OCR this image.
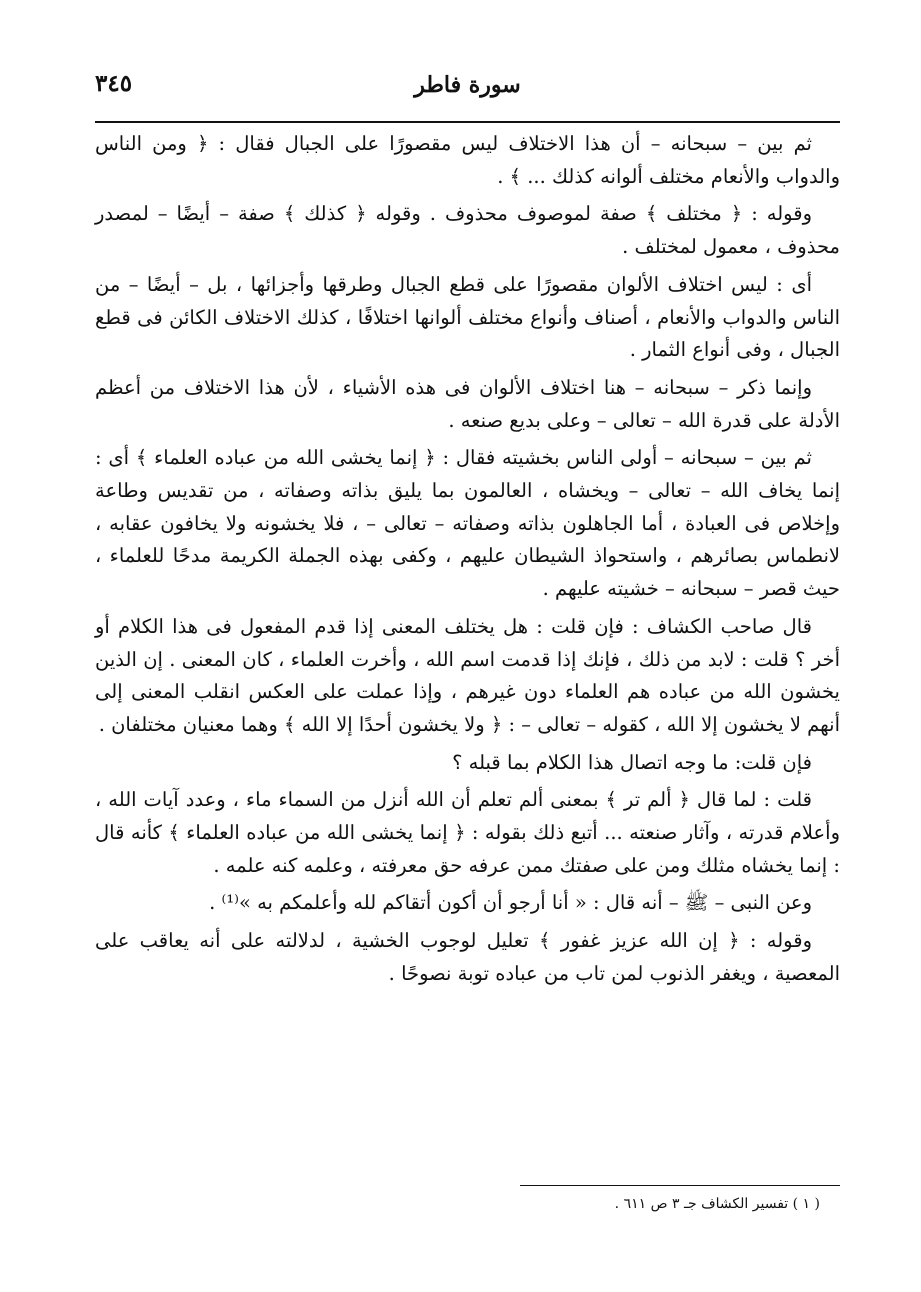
سورة فاطر
٣٤٥

ثم بين – سبحانه – أن هذا الاختلاف ليس مقصورًا على الجبال فقال : ﴿ ومن الناس والدواب والأنعام مختلف ألوانه كذلك ... ﴾ .

وقوله : ﴿ مختلف ﴾ صفة لموصوف محذوف . وقوله ﴿ كذلك ﴾ صفة – أيضًا – لمصدر محذوف ، معمول لمختلف .

أى : ليس اختلاف الألوان مقصورًا على قطع الجبال وطرقها وأجزائها ، بل – أيضًا – من الناس والدواب والأنعام ، أصناف وأنواع مختلف ألوانها اختلافًا ، كذلك الاختلاف الكائن فى قطع الجبال ، وفى أنواع الثمار .

وإنما ذكر – سبحانه – هنا اختلاف الألوان فى هذه الأشياء ، لأن هذا الاختلاف من أعظم الأدلة على قدرة الله – تعالى – وعلى بديع صنعه .

ثم بين – سبحانه – أولى الناس بخشيته فقال : ﴿ إنما يخشى الله من عباده العلماء ﴾ أى : إنما يخاف الله – تعالى – ويخشاه ، العالمون بما يليق بذاته وصفاته ، من تقديس وطاعة وإخلاص فى العبادة ، أما الجاهلون بذاته وصفاته – تعالى – ، فلا يخشونه ولا يخافون عقابه ، لانطماس بصائرهم ، واستحواذ الشيطان عليهم ، وكفى بهذه الجملة الكريمة مدحًا للعلماء ، حيث قصر – سبحانه – خشيته عليهم .

قال صاحب الكشاف : فإن قلت : هل يختلف المعنى إذا قدم المفعول فى هذا الكلام أو أخر ؟ قلت : لابد من ذلك ، فإنك إذا قدمت اسم الله ، وأخرت العلماء ، كان المعنى . إن الذين يخشون الله من عباده هم العلماء دون غيرهم ، وإذا عملت على العكس انقلب المعنى إلى أنهم لا يخشون إلا الله ، كقوله – تعالى – : ﴿ ولا يخشون أحدًا إلا الله ﴾ وهما معنيان مختلفان .

فإن قلت: ما وجه اتصال هذا الكلام بما قبله ؟

قلت : لما قال ﴿ ألم تر ﴾ بمعنى ألم تعلم أن الله أنزل من السماء ماء ، وعدد آيات الله ، وأعلام قدرته ، وآثار صنعته ... أتبع ذلك بقوله : ﴿ إنما يخشى الله من عباده العلماء ﴾ كأنه قال : إنما يخشاه مثلك ومن على صفتك ممن عرفه حق معرفته ، وعلمه كنه علمه .

وعن النبى – ﷺ – أنه قال : « أنا أرجو أن أكون أتقاكم لله وأعلمكم به »⁽¹⁾ .

وقوله : ﴿ إن الله عزيز غفور ﴾ تعليل لوجوب الخشية ، لدلالته على أنه يعاقب على المعصية ، ويغفر الذنوب لمن تاب من عباده توبة نصوحًا .

( ١ ) تفسير الكشاف جـ ٣ ص ٦١١ .
